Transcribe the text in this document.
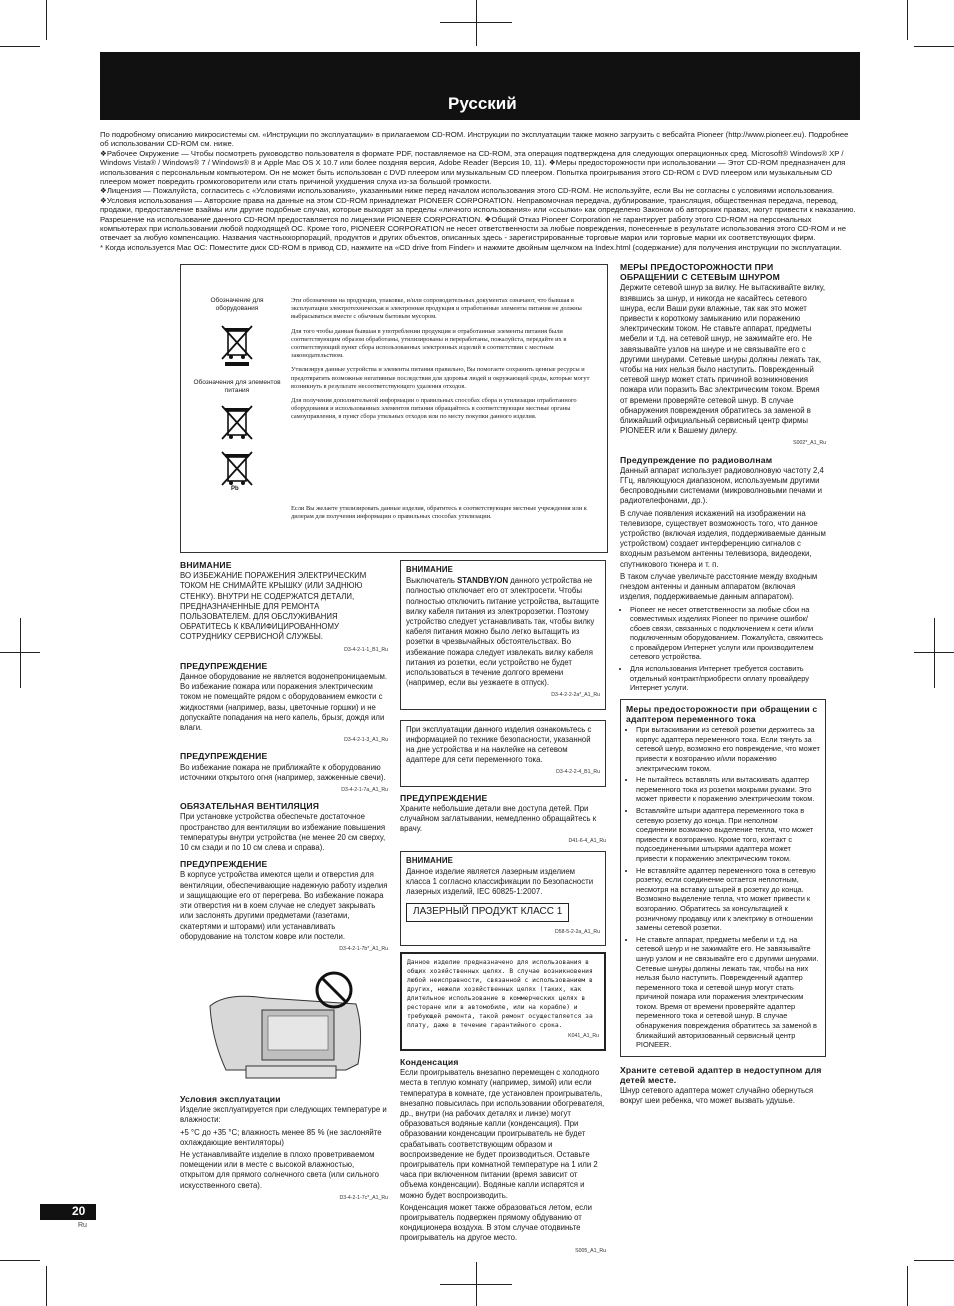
Русский

По подробному описанию микросистемы см. «Инструкции по эксплуатации» в прилагаемом CD-ROM. Инструкции по эксплуатации также можно загрузить с вебсайта Pioneer (http://www.pioneer.eu). Подробнее об использовании CD-ROM см. ниже.

❖Рабочее Окружение — Чтобы посмотреть руководство пользователя в формате PDF, поставляемое на CD-ROM, эта операция подтверждена для следующих операционных сред. Microsoft® Windows® XP / Windows Vista® / Windows® 7 / Windows® 8 и Apple Mac OS X 10.7 или более поздняя версия, Adobe Reader (Версия 10, 11). ❖Меры предосторожности при использовании — Этот CD-ROM предназначен для использования с персональным компьютером. Он не может быть использован с DVD плеером или музыкальным CD плеером. Попытка проигрывания этого CD-ROM с DVD плеером или музыкальным CD плеером может повредить громкоговорители или стать причиной ухудшения слуха из-за большой громкости.

❖Лицензия — Пожалуйста, согласитесь с «Условиями использования», указанными ниже перед началом использования этого CD-ROM. Не используйте, если Вы не согласны с условиями использования. ❖Условия использования — Авторские права на данные на этом CD-ROM принадлежат PIONEER CORPORATION. Неправомочная передача, дублирование, трансляция, общественная передача, перевод, продажи, предоставление взаймы или другие подобные случаи, которые выходят за пределы «личного использования» или «ссылки» как определено Законом об авторских правах, могут привести к наказанию. Разрешение на использование данного CD-ROM предоставляется по лицензии PIONEER CORPORATION. ❖Общий Отказ Pioneer Corporation не гарантирует работу этого CD-ROM на персональных компьютерах при использовании любой подходящей ОС. Кроме того, PIONEER CORPORATION не несет ответственности за любые повреждения, понесенные в результате использования этого CD-ROM и не отвечает за любую компенсацию. Названия частныхкорпораций, продуктов и других объектов, описанных здесь - зарегистрированные торговые марки или торговые марки их соответствующих фирм.

* Когда используется Mac OC: Поместите диск CD-ROM в привод CD, нажмите на «CD drive from Finder» и нажмите двойным щелчком на Index.html (содержание) для получения инструкции по эксплуатации.

Обозначение для оборудования
Обозначения для элементов питания
Pb

Эти обозначения на продукции, упаковке, и/или сопроводительных документах означают, что бывшая в эксплуатации электротехническая и электронная продукция и отработанные элементы питания не должны выбрасываться вместе с обычным бытовым мусором.

Для того чтобы данная бывшая в употреблении продукция и отработанные элементы питания были соответствующим образом обработаны, утилизированы и переработаны, пожалуйста, передайте их в соответствующий пункт сбора использованных электронных изделий в соответствии с местным законодательством.

Утилизируя данные устройства и элементы питания правильно, Вы помогаете сохранить ценные ресурсы и предотвратить возможные негативные последствия для здоровья людей и окружающей среды, которые могут возникнуть в результате несоответствующего удаления отходов.

Для получения дополнительной информации о правильных способах сбора и утилизации отработанного оборудования и использованных элементов питания обращайтесь в соответствующие местные органы самоуправления, в пункт сбора утильных отходов или по месту покупки данного изделия.

Если Вы желаете утилизировать данные изделия, обратитесь в соответствующие местные учреждения или к дилерам для получения информации о правильных способах утилизации.
ВНИМАНИЕ

ВО ИЗБЕЖАНИЕ ПОРАЖЕНИЯ ЭЛЕКТРИЧЕСКИМ ТОКОМ НЕ СНИМАЙТЕ КРЫШКУ (ИЛИ ЗАДНЮЮ СТЕНКУ). ВНУТРИ НЕ СОДЕРЖАТСЯ ДЕТАЛИ, ПРЕДНАЗНАЧЕННЫЕ ДЛЯ РЕМОНТА ПОЛЬЗОВАТЕЛЕМ. ДЛЯ ОБСЛУЖИВАНИЯ ОБРАТИТЕСЬ К КВАЛИФИЦИРОВАННОМУ СОТРУДНИКУ СЕРВИСНОЙ СЛУЖБЫ.

D3-4-2-1-1_B1_Ru
ПРЕДУПРЕЖДЕНИЕ

Данное оборудование не является водонепроницаемым. Во избежание пожара или поражения электрическим током не помещайте рядом с оборудованием емкости с жидкостями (например, вазы, цветочные горшки) и не допускайте попадания на него капель, брызг, дождя или влаги.

D3-4-2-1-3_A1_Ru
ПРЕДУПРЕЖДЕНИЕ

Во избежание пожара не приближайте к оборудованию источники открытого огня (например, зажженные свечи).

D3-4-2-1-7a_A1_Ru
ОБЯЗАТЕЛЬНАЯ ВЕНТИЛЯЦИЯ

При установке устройства обеспечьте достаточное пространство для вентиляции во избежание повышения температуры внутри устройства (не менее 20 см сверху, 10 см сзади и по 10 см слева и справа).

ПРЕДУПРЕЖДЕНИЕ

В корпусе устройства имеются щели и отверстия для вентиляции, обеспечивающие надежную работу изделия и защищающие его от перегрева. Во избежание пожара эти отверстия ни в коем случае не следует закрывать или заслонять другими предметами (газетами, скатертями и шторами) или устанавливать оборудование на толстом ковре или постели.

D3-4-2-1-7b*_A1_Ru
Условия эксплуатации

Изделие эксплуатируется при следующих температуре и влажности:

+5 °C до +35 °C; влажность менее 85 % (не заслоняйте охлаждающие вентиляторы)

Не устанавливайте изделие в плохо проветриваемом помещении или в месте с высокой влажностью, открытом для прямого солнечного света (или сильного искусственного света).

D3-4-2-1-7c*_A1_Ru
ВНИМАНИЕ

Выключатель STANDBY/ON данного устройства не полностью отключает его от электросети. Чтобы полностью отключить питание устройства, вытащите вилку кабеля питания из электророзетки. Поэтому устройство следует устанавливать так, чтобы вилку кабеля питания можно было легко вытащить из розетки в чрезвычайных обстоятельствах. Во избежание пожара следует извлекать вилку кабеля питания из розетки, если устройство не будет использоваться в течение долгого времени (например, если вы уезжаете в отпуск).

D3-4-2-2-2a*_A1_Ru

При эксплуатации данного изделия ознакомьтесь с информацией по технике безопасности, указанной на дне устройства и на наклейке на сетевом адаптере для сети переменного тока.

D3-4-2-2-4_B1_Ru
ПРЕДУПРЕЖДЕНИЕ

Храните небольшие детали вне доступа детей. При случайном заглатывании, немедленно обращайтесь к врачу.

D41-6-4_A1_Ru
ВНИМАНИЕ

Данное изделие является лазерным изделием класса 1 согласно классификации по Безопасности лазерных изделий, IEC 60825-1:2007.

ЛАЗЕРНЫЙ ПРОДУКТ КЛАСС 1
D58-5-2-2a_A1_Ru

Данное изделие предназначено для использования в общих хозяйственных целях. В случае возникновения любой неисправности, связанной с использованием в других, нежели хозяйственных целях (таких, как длительное использование в коммерческих целях в ресторане или в автомобиле, или на корабле) и требующей ремонта, такой ремонт осуществляется за плату, даже в течение гарантийного срока.

K041_A1_Ru
Конденсация

Если проигрыватель внезапно перемещен с холодного места в теплую комнату (например, зимой) или если температура в комнате, где установлен проигрыватель, внезапно повысилась при использовании обогревателя, др., внутри (на рабочих деталях и линзе) могут образоваться водяные капли (конденсация). При образовании конденсации проигрыватель не будет срабатывать соответствующим образом и воспроизведение не будет производиться. Оставьте проигрыватель при комнатной температуре на 1 или 2 часа при включенном питании (время зависит от объема конденсации). Водяные капли испарятся и можно будет воспроизводить.

Конденсация может также образоваться летом, если проигрыватель подвержен прямому обдуванию от кондиционера воздуха. В этом случае отодвиньте проигрыватель на другое место.

S005_A1_Ru
МЕРЫ ПРЕДОСТОРОЖНОСТИ ПРИ ОБРАЩЕНИИ С СЕТЕВЫМ ШНУРОМ

Держите сетевой шнур за вилку. Не вытаскивайте вилку, взявшись за шнур, и никогда не касайтесь сетевого шнура, если Ваши руки влажные, так как это может привести к короткому замыканию или поражению электрическим током. Не ставьте аппарат, предметы мебели и т.д. на сетевой шнур, не зажимайте его. Не завязывайте узлов на шнуре и не связывайте его с другими шнурами. Сетевые шнуры должны лежать так, чтобы на них нельзя было наступить. Поврежденный сетевой шнур может стать причиной возникновения пожара или поразить Вас электрическим током. Время от времени проверяйте сетевой шнур. В случае обнаружения повреждения обратитесь за заменой в ближайший официальный сервисный центр фирмы PIONEER или к Вашему дилеру.

S002*_A1_Ru
Предупреждение по радиоволнам

Данный аппарат использует радиоволновую частоту 2,4 ГГц, являющуюся диапазоном, используемым другими беспроводными системами (микроволновыми печами и радиотелефонами, др.).

В случае появления искажений на изображении на телевизоре, существует возможность того, что данное устройство (включая изделия, поддерживаемые данным устройством) создает интерференцию сигналов с входным разъемом антенны телевизора, видеодеки, спутникового тюнера и т. п.

В таком случае увеличьте расстояние между входным гнездом антенны и данным аппаратом (включая изделия, поддерживаемые данным аппаратом).

• Pioneer не несет ответственности за любые сбои на совместимых изделиях Pioneer по причине ошибок/сбоев связи, связанных с подключением к сети и/или подключенным оборудованием. Пожалуйста, свяжитесь с провайдером Интернет услуги или производителем сетевого устройства.
• Для использования Интернет требуется составить отдельный контракт/приобрести оплату провайдеру Интернет услуги.
Меры предосторожности при обращении с адаптером переменного тока
• При вытаскивании из сетевой розетки держитесь за корпус адаптера переменного тока. Если тянуть за сетевой шнур, возможно его повреждение, что может привести к возгоранию и/или поражению электрическим током.
• Не пытайтесь вставлять или вытаскивать адаптер переменного тока из розетки мокрыми руками. Это может привести к поражению электрическим током.
• Вставляйте штыри адаптера переменного тока в сетевую розетку до конца. При неполном соединении возможно выделение тепла, что может привести к возгоранию. Кроме того, контакт с подсоединенными штырями адаптера может привести к поражению электрическим током.
• Не вставляйте адаптер переменного тока в сетевую розетку, если соединение остается неплотным, несмотря на вставку штырей в розетку до конца. Возможно выделение тепла, что может привести к возгоранию. Обратитесь за консультацией к розничному продавцу или к электрику в отношении замены сетевой розетки.
• Не ставьте аппарат, предметы мебели и т.д. на сетевой шнур и не зажимайте его. Не завязывайте шнур узлом и не связывайте его с другими шнурами. Сетевые шнуры должны лежать так, чтобы на них нельзя было наступить. Поврежденный адаптер переменного тока и сетевой шнур могут стать причиной пожара или поражения электрическим током. Время от времени проверяйте адаптер переменного тока и сетевой шнур. В случае обнаружения повреждения обратитесь за заменой в ближайший авторизованный сервисный центр PIONEER.
Храните сетевой адаптер в недоступном для детей месте.

Шнур сетевого адаптера может случайно обернуться вокруг шеи ребенка, что может вызвать удушье.

20
Ru
